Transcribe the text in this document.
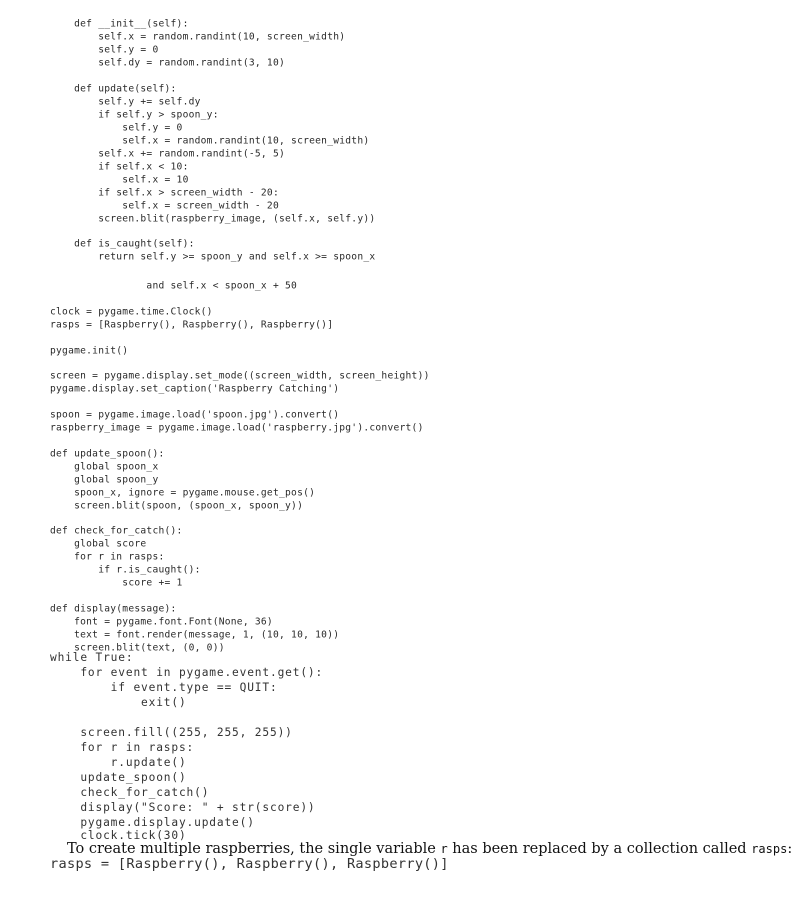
def __init__(self):
self.x = random.randint(10, screen_width)
self.y = 0
self.dy = random.randint(3, 10)
def update(self):
self.y += self.dy
if self.y > spoon_y:
self.y = 0
self.x = random.randint(10, screen_width)
self.x += random.randint(-5, 5)
if self.x < 10:
self.x = 10
if self.x > screen_width - 20:
self.x = screen_width - 20
screen.blit(raspberry_image, (self.x, self.y))
def is_caught(self):
return self.y >= spoon_y and self.x >= spoon_x
and self.x < spoon_x + 50
clock = pygame.time.Clock()
rasps = [Raspberry(), Raspberry(), Raspberry()]
pygame.init()
screen = pygame.display.set_mode((screen_width, screen_height))
pygame.display.set_caption('Raspberry Catching')
spoon = pygame.image.load('spoon.jpg').convert()
raspberry_image = pygame.image.load('raspberry.jpg').convert()
def update_spoon():
global spoon_x
global spoon_y
spoon_x, ignore = pygame.mouse.get_pos()
screen.blit(spoon, (spoon_x, spoon_y))
def check_for_catch():
global score
for r in rasps:
if r.is_caught():
score += 1
def display(message):
font = pygame.font.Font(None, 36)
text = font.render(message, 1, (10, 10, 10))
screen.blit(text, (0, 0))
while True:
for event in pygame.event.get():
if event.type == QUIT:
exit()
screen.fill((255, 255, 255))
for r in rasps:
r.update()
update_spoon()
check_for_catch()
display("Score: " + str(score))
pygame.display.update()
clock.tick(30)
To create multiple raspberries, the single variable r has been replaced by a collection called rasps:
rasps = [Raspberry(), Raspberry(), Raspberry()]
